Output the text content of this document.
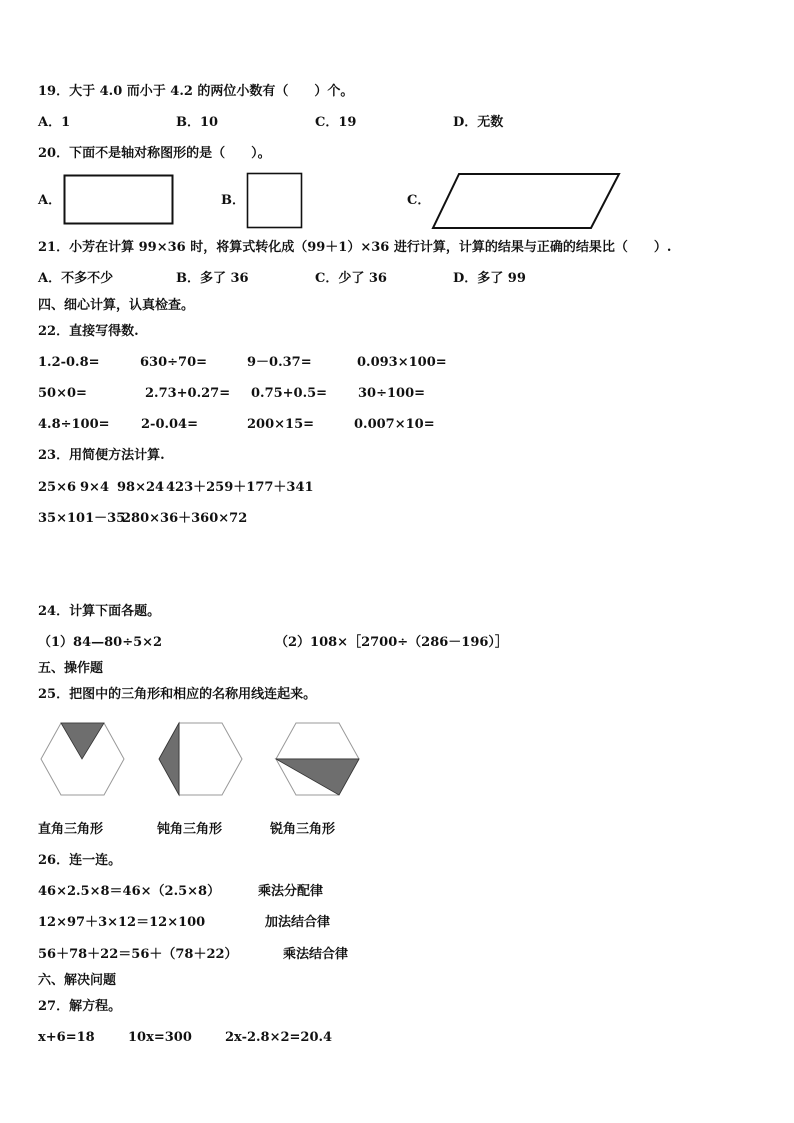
19．大于 4.0 而小于 4.2 的两位小数有（　　）个。
A．1	B．10	C．19	D．无数
20．下面不是轴对称图形的是（　　）。
A．	B．	C．
21．小芳在计算 99×36 时，将算式转化成（99＋1）×36 进行计算，计算的结果与正确的结果比（　　）.
A．不多不少	B．多了 36	C．少了 36	D．多了 99
四、细心计算，认真检查。
22．直接写得数.
1.2-0.8=	630÷70=	9－0.37=	0.093×100=
50×0=	2.73+0.27= 0.75+0.5= 30÷100=
4.8÷100= 2-0.04=	200×15=	0.007×10=
23．用简便方法计算.
25×6 9×4 98×24 423＋259＋177＋341
35×101－35
280×36＋360×72
24．计算下面各题。
（1）84—80÷5×2	（2）108×［2700÷（286－196）］
五、操作题
25．把图中的三角形和相应的名称用线连起来。
直角三角形	钝角三角形	锐角三角形
26．连一连。
46×2.5×8＝46×（2.5×8）	乘法分配律
12×97＋3×12＝12×100	加法结合律
56＋78＋22＝56＋（78＋22）	乘法结合律
六、解决问题
27．解方程。
x+6=18	10x=300	2x-2.8×2=20.4
